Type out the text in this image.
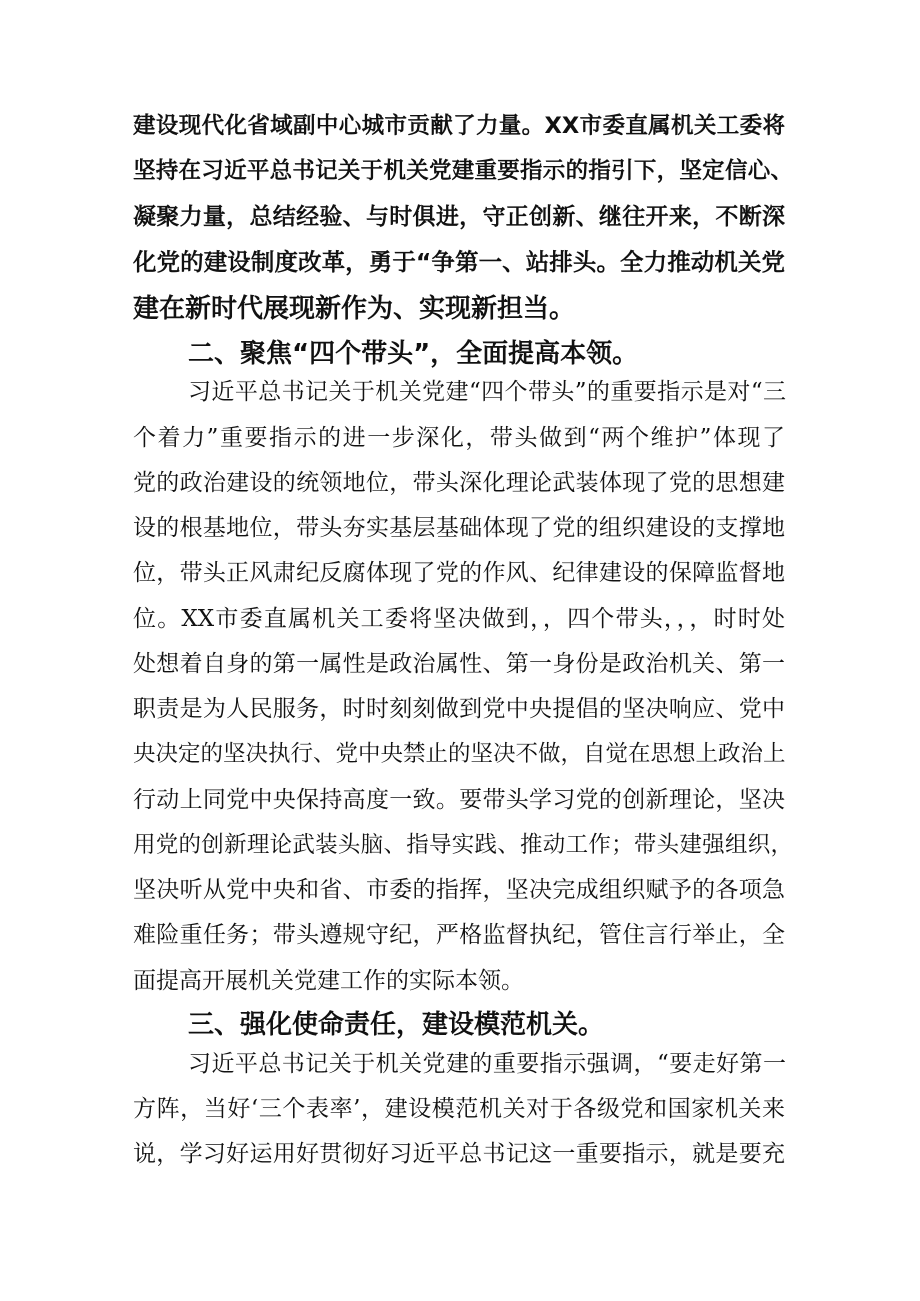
建设现代化省域副中心城市贡献了力量。XX市委直属机关工委将
坚持在习近平总书记关于机关党建重要指示的指引下，坚定信心、
凝聚力量，总结经验、与时俱进，守正创新、继往开来，不断深
化党的建设制度改革，勇于“争第一、站排头。全力推动机关党
建在新时代展现新作为、实现新担当。
二、聚焦“四个带头”，全面提高本领。
习近平总书记关于机关党建“四个带头”的重要指示是对“三
个着力”重要指示的进一步深化，带头做到“两个维护”体现了
党的政治建设的统领地位，带头深化理论武装体现了党的思想建
设的根基地位，带头夯实基层基础体现了党的组织建设的支撑地
位，带头正风肃纪反腐体现了党的作风、纪律建设的保障监督地
位。XX市委直属机关工委将坚决做到，，四个带头，，，时时处
处想着自身的第一属性是政治属性、第一身份是政治机关、第一
职责是为人民服务，时时刻刻做到党中央提倡的坚决响应、党中
央决定的坚决执行、党中央禁止的坚决不做，自觉在思想上政治上
行动上同党中央保持高度一致。要带头学习党的创新理论，坚决
用党的创新理论武装头脑、指导实践、推动工作；带头建强组织，
坚决听从党中央和省、市委的指挥，坚决完成组织赋予的各项急
难险重任务；带头遵规守纪，严格监督执纪，管住言行举止，全
面提高开展机关党建工作的实际本领。
三、强化使命责任，建设模范机关。
习近平总书记关于机关党建的重要指示强调，“要走好第一
方阵，当好‘三个表率’，建设模范机关对于各级党和国家机关来
说，学习好运用好贯彻好习近平总书记这一重要指示，就是要充
